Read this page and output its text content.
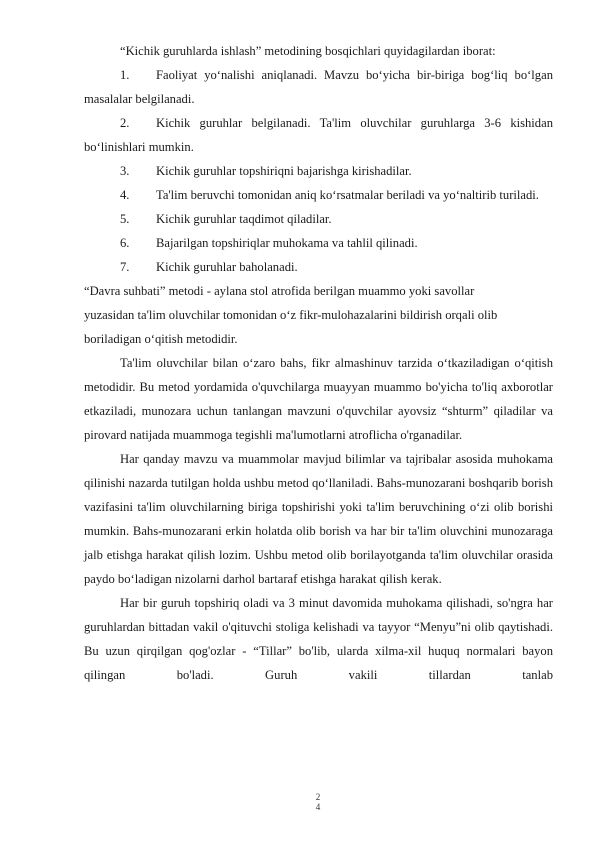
“Kichik guruhlarda ishlash” metodining bosqichlari quyidagilardan iborat:

1. Faoliyat yo‘nalishi aniqlanadi. Mavzu bo‘yicha bir-biriga bog‘liq bo‘lgan masalalar belgilanadi.

2. Kichik guruhlar belgilanadi. Ta'lim oluvchilar guruhlarga 3-6 kishidan bo‘linishlari mumkin.

3. Kichik guruhlar topshiriqni bajarishga kirishadilar.

4. Ta'lim beruvchi tomonidan aniq ko‘rsatmalar beriladi va yo‘naltirib turiladi.

5. Kichik guruhlar taqdimot qiladilar.

6. Bajarilgan topshiriqlar muhokama va tahlil qilinadi.

7. Kichik guruhlar baholanadi.

“Davra suhbati” metodi - aylana stol atrofida berilgan muammo yoki savollar

yuzasidan ta'lim oluvchilar tomonidan o‘z fikr-mulohazalarini bildirish orqali olib

boriladigan o‘qitish metodidir.

Ta'lim oluvchilar bilan o‘zaro bahs, fikr almashinuv tarzida o‘tkaziladigan o‘qitish metodidir. Bu metod yordamida o'quvchilarga muayyan muammo bo'yicha to'liq axborotlar etkaziladi, munozara uchun tanlangan mavzuni o'quvchilar ayovsiz “shturm” qiladilar va pirovard natijada muammoga tegishli ma'lumotlarni atroflicha o'rganadilar.

Har qanday mavzu va muammolar mavjud bilimlar va tajribalar asosida muhokama qilinishi nazarda tutilgan holda ushbu metod qo‘llaniladi. Bahs-munozarani boshqarib borish vazifasini ta'lim oluvchilarning biriga topshirishi yoki ta'lim beruvchining o‘zi olib borishi mumkin. Bahs-munozarani erkin holatda olib borish va har bir ta'lim oluvchini munozaraga jalb etishga harakat qilish lozim. Ushbu metod olib borilayotganda ta'lim oluvchilar orasida paydo bo‘ladigan nizolarni darhol bartaraf etishga harakat qilish kerak.

Har bir guruh topshiriq oladi va 3 minut davomida muhokama qilishadi, so'ngra har guruhlardan bittadan vakil o'qituvchi stoliga kelishadi va tayyor “Menyu”ni olib qaytishadi. Bu uzun qirqilgan qog'ozlar - “Tillar” bo'lib, ularda xilma-xil huquq normalari bayon qilingan bo'ladi. Guruh vakili tillardan tanlab

2
4
